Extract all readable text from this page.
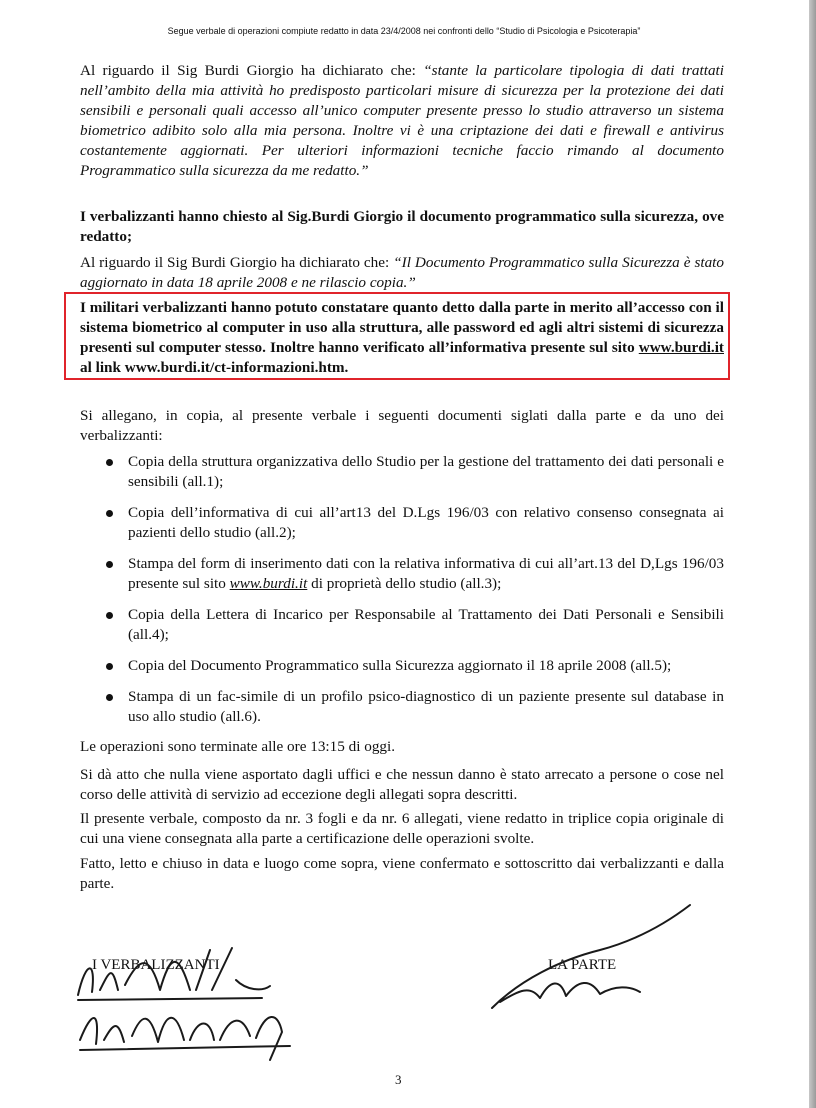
Segue verbale di operazioni compiute redatto in data 23/4/2008 nei confronti dello “Studio di Psicologia e Psicoterapia”

Al riguardo il Sig Burdi Giorgio ha dichiarato che: “stante la particolare tipologia di dati trattati nell’ambito della mia attività ho predisposto particolari misure di sicurezza per la protezione dei dati sensibili e personali quali accesso all’unico computer presente presso lo studio attraverso un sistema biometrico adibito solo alla mia persona. Inoltre vi è una criptazione dei dati e firewall e antivirus costantemente aggiornati. Per ulteriori informazioni tecniche faccio rimando al documento Programmatico sulla sicurezza da me redatto.”

I verbalizzanti hanno chiesto al Sig.Burdi Giorgio il documento programmatico sulla sicurezza, ove redatto;

Al riguardo il Sig Burdi Giorgio ha dichiarato che: “Il Documento Programmatico sulla Sicurezza è stato aggiornato in data 18 aprile 2008 e ne rilascio copia.”

I militari verbalizzanti hanno potuto constatare quanto detto dalla parte in merito all’accesso con il sistema biometrico al computer in uso alla struttura, alle password ed agli altri sistemi di sicurezza presenti sul computer stesso. Inoltre hanno verificato all’informativa presente sul sito www.burdi.it al link www.burdi.it/ct-informazioni.htm.

Si allegano, in copia, al presente verbale i seguenti documenti siglati dalla parte e da uno dei verbalizzanti:

Copia della struttura organizzativa dello Studio per la gestione del trattamento dei dati personali e sensibili (all.1);
Copia dell’informativa di cui all’art13 del D.Lgs 196/03 con relativo consenso consegnata ai pazienti dello studio (all.2);
Stampa del form di inserimento dati con la relativa informativa di cui all’art.13 del D,Lgs 196/03 presente sul sito www.burdi.it di proprietà dello studio (all.3);
Copia della Lettera di Incarico per Responsabile al Trattamento dei Dati Personali e Sensibili (all.4);
Copia del Documento Programmatico sulla Sicurezza aggiornato il 18 aprile 2008 (all.5);
Stampa di un fac-simile di un profilo psico-diagnostico di un paziente presente sul database in uso allo studio (all.6).

Le operazioni sono terminate alle ore 13:15 di oggi.

Si dà atto che nulla viene asportato dagli uffici e che nessun danno è stato arrecato a persone o cose nel corso delle attività di servizio ad eccezione degli allegati sopra descritti.

Il presente verbale, composto da nr. 3 fogli e da nr. 6 allegati, viene redatto in triplice copia originale di cui una viene consegnata alla parte a certificazione delle operazioni svolte.

Fatto, letto e chiuso in data e luogo come sopra, viene confermato e sottoscritto dai verbalizzanti e dalla parte.

I VERBALIZZANTI	LA PARTE
3
